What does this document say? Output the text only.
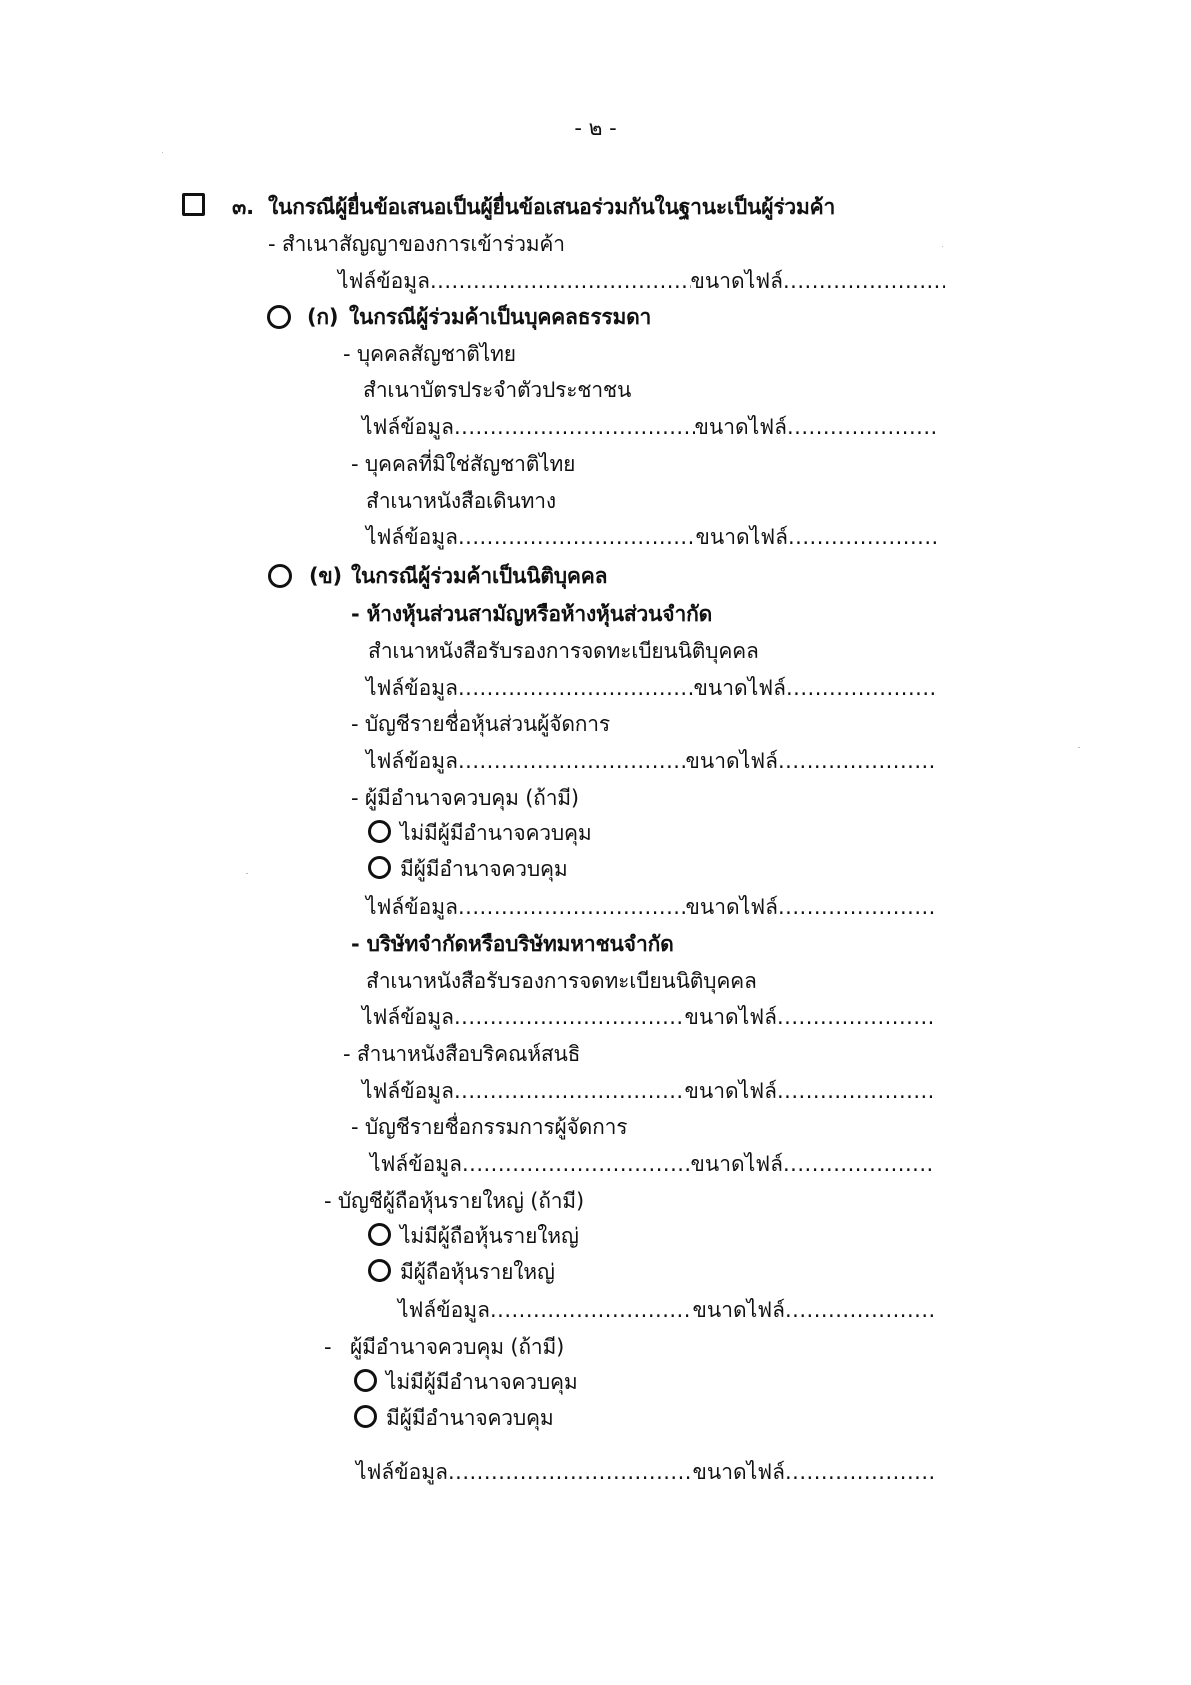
- ๒ -
๓. ในกรณีผู้ยื่นข้อเสนอเป็นผู้ยื่นข้อเสนอร่วมกันในฐานะเป็นผู้ร่วมค้า
- สำเนาสัญญาของการเข้าร่วมค้า
ไฟล์ข้อมูล .....	ขนาดไฟล์
.....
(ก) ในกรณีผู้ร่วมค้าเป็นบุคคลธรรมดา
- บุคคลสัญชาติไทย
สำเนาบัตรประจำตัวประชาชน
ไฟล์ข้อมูล .....	ขนาดไฟล์
.....
- บุคคลที่มิใช่สัญชาติไทย
สำเนาหนังสือเดินทาง
ไฟล์ข้อมูล .....	ขนาดไฟล์
.....
(ข) ในกรณีผู้ร่วมค้าเป็นนิติบุคคล
- ห้างหุ้นส่วนสามัญหรือห้างหุ้นส่วนจำกัด
สำเนาหนังสือรับรองการจดทะเบียนนิติบุคคล
ไฟล์ข้อมูล .....	ขนาดไฟล์
.....
- บัญชีรายชื่อหุ้นส่วนผู้จัดการ
ไฟล์ข้อมูล .....	ขนาดไฟล์
.....
- ผู้มีอำนาจควบคุม (ถ้ามี)
ไม่มีผู้มีอำนาจควบคุม
มีผู้มีอำนาจควบคุม
ไฟล์ข้อมูล .....	ขนาดไฟล์
.....
- บริษัทจำกัดหรือบริษัทมหาชนจำกัด
สำเนาหนังสือรับรองการจดทะเบียนนิติบุคคล
ไฟล์ข้อมูล .....	ขนาดไฟล์
.....
- สำนาหนังสือบริคณห์สนธิ
ไฟล์ข้อมูล .....	ขนาดไฟล์
.....
- บัญชีรายชื่อกรรมการผู้จัดการ
ไฟล์ข้อมูล .....	ขนาดไฟล์
.....
- บัญชีผู้ถือหุ้นรายใหญ่ (ถ้ามี)
ไม่มีผู้ถือหุ้นรายใหญ่
มีผู้ถือหุ้นรายใหญ่
ไฟล์ข้อมูล .....	ขนาดไฟล์
.....
- ผู้มีอำนาจควบคุม (ถ้ามี)
ไม่มีผู้มีอำนาจควบคุม
มีผู้มีอำนาจควบคุม
ไฟล์ข้อมูล .....	ขนาดไฟล์
.....
